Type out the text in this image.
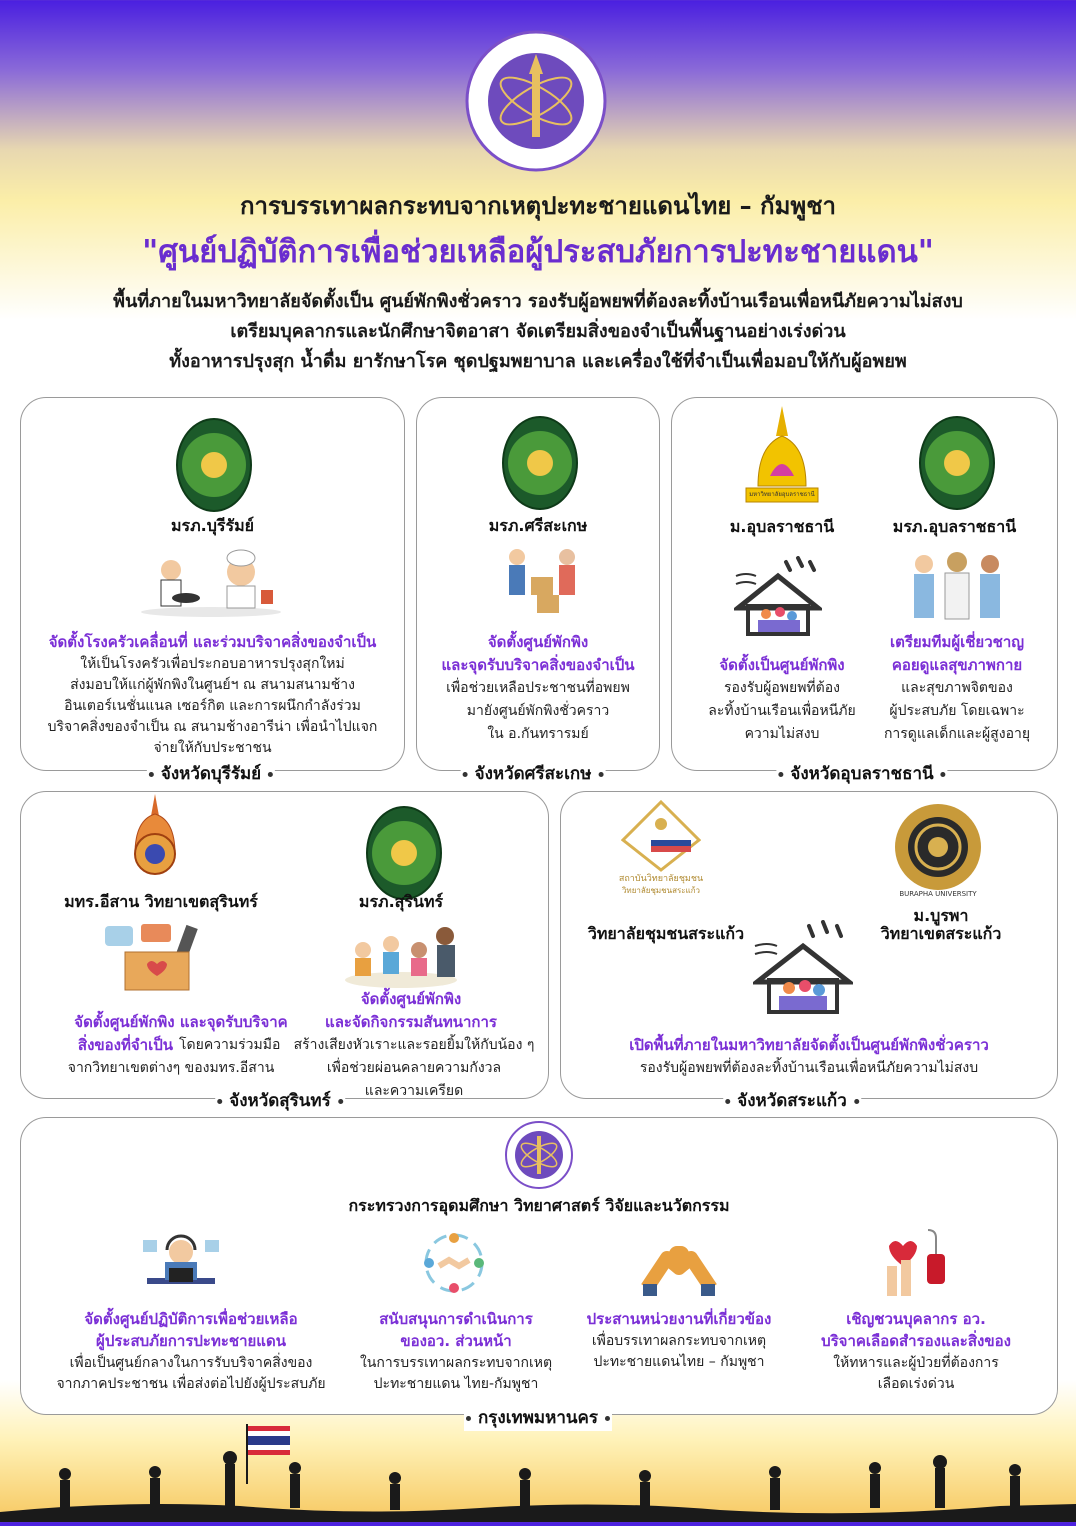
การบรรเทาผลกระทบจากเหตุปะทะชายแดนไทย – กัมพูชา
"ศูนย์ปฏิบัติการเพื่อช่วยเหลือผู้ประสบภัยการปะทะชายแดน"
พื้นที่ภายในมหาวิทยาลัยจัดตั้งเป็น ศูนย์พักพิงชั่วคราว รองรับผู้อพยพที่ต้องละทิ้งบ้านเรือนเพื่อหนีภัยความไม่สงบ
เตรียมบุคลากรและนักศึกษาจิตอาสา จัดเตรียมสิ่งของจำเป็นพื้นฐานอย่างเร่งด่วน
ทั้งอาหารปรุงสุก น้ำดื่ม ยารักษาโรค ชุดปฐมพยาบาล และเครื่องใช้ที่จำเป็นเพื่อมอบให้กับผู้อพยพ
มรภ.บุรีรัมย์
จัดตั้งโรงครัวเคลื่อนที่ และร่วมบริจาคสิ่งของจำเป็น
ให้เป็นโรงครัวเพื่อประกอบอาหารปรุงสุกใหม่
ส่งมอบให้แก่ผู้พักพิงในศูนย์ฯ ณ สนามสนามช้าง
อินเตอร์เนชั่นแนล เซอร์กิต และการผนึกกำลังร่วม
บริจาคสิ่งของจำเป็น ณ สนามช้างอารีน่า เพื่อนำไปแจก
จ่ายให้กับประชาชน
จังหวัดบุรีรัมย์
มรภ.ศรีสะเกษ
จัดตั้งศูนย์พักพิง
และจุดรับบริจาคสิ่งของจำเป็น
เพื่อช่วยเหลือประชาชนที่อพยพ
มายังศูนย์พักพิงชั่วคราว
ใน อ.กันทรารมย์
จังหวัดศรีสะเกษ
มหาวิทยาลัยอุบลราชธานี
ม.อุบลราชธานี	มรภ.อุบลราชธานี
จัดตั้งเป็นศูนย์พักพิง
รองรับผู้อพยพที่ต้อง
ละทิ้งบ้านเรือนเพื่อหนีภัย
ความไม่สงบ
เตรียมทีมผู้เชี่ยวชาญ
คอยดูแลสุขภาพกาย
และสุขภาพจิตของ
ผู้ประสบภัย โดยเฉพาะ
การดูแลเด็กและผู้สูงอายุ
จังหวัดอุบลราชธานี
มทร.อีสาน วิทยาเขตสุรินทร์	มรภ.สุรินทร์
จัดตั้งศูนย์พักพิง และจุดรับบริจาค
สิ่งของที่จำเป็น โดยความร่วมมือ
จากวิทยาเขตต่างๆ ของมทร.อีสาน
จัดตั้งศูนย์พักพิง
และจัดกิจกรรมสันทนาการ
สร้างเสียงหัวเราะและรอยยิ้มให้กับน้อง ๆ
เพื่อช่วยผ่อนคลายความกังวล
และความเครียด
จังหวัดสุรินทร์
สถาบันวิทยาลัยชุมชน
วิทยาลัยชุมชนสระแก้ว	BURAPHA UNIVERSITY
วิทยาลัยชุมชนสระแก้ว
ม.บูรพา
วิทยาเขตสระแก้ว
เปิดพื้นที่ภายในมหาวิทยาลัยจัดตั้งเป็นศูนย์พักพิงชั่วคราว
รองรับผู้อพยพที่ต้องละทิ้งบ้านเรือนเพื่อหนีภัยความไม่สงบ
จังหวัดสระแก้ว
กระทรวงการอุดมศึกษา วิทยาศาสตร์ วิจัยและนวัตกรรม
จัดตั้งศูนย์ปฏิบัติการเพื่อช่วยเหลือ
ผู้ประสบภัยการปะทะชายแดน
เพื่อเป็นศูนย์กลางในการรับบริจาคสิ่งของ
จากภาคประชาชน เพื่อส่งต่อไปยังผู้ประสบภัย
สนับสนุนการดำเนินการ
ของอว. ส่วนหน้า
ในการบรรเทาผลกระทบจากเหตุ
ปะทะชายแดน ไทย-กัมพูชา
ประสานหน่วยงานที่เกี่ยวข้อง
เพื่อบรรเทาผลกระทบจากเหตุ
ปะทะชายแดนไทย – กัมพูชา
เชิญชวนบุคลากร อว.
บริจาคเลือดสำรองและสิ่งของ
ให้ทหารและผู้ป่วยที่ต้องการ
เลือดเร่งด่วน
กรุงเทพมหานคร
